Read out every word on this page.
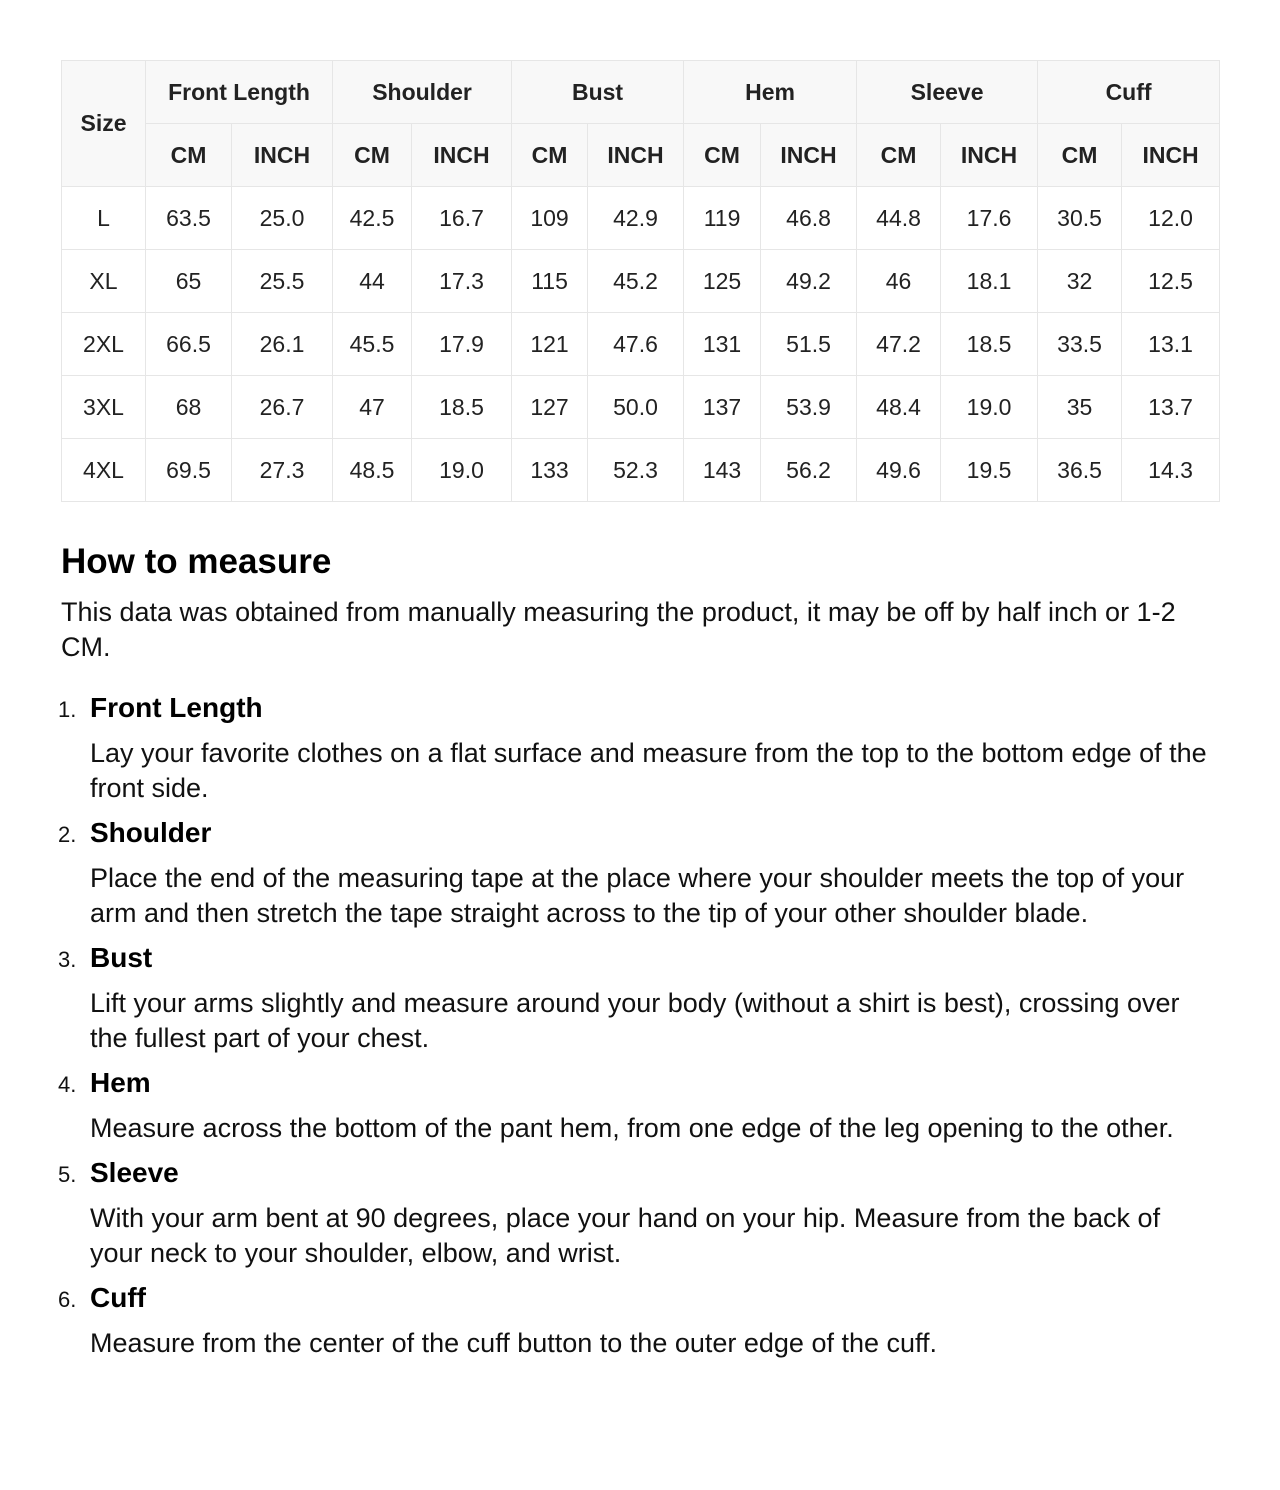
Size	Front Length		Shoulder		Bust		Hem		Sleeve		Cuff	
	CM	INCH	CM	INCH	CM	INCH	CM	INCH	CM	INCH	CM	INCH
L	63.5	25.0	42.5	16.7	109	42.9	119	46.8	44.8	17.6	30.5	12.0
XL	65	25.5	44	17.3	115	45.2	125	49.2	46	18.1	32	12.5
2XL	66.5	26.1	45.5	17.9	121	47.6	131	51.5	47.2	18.5	33.5	13.1
3XL	68	26.7	47	18.5	127	50.0	137	53.9	48.4	19.0	35	13.7
4XL	69.5	27.3	48.5	19.0	133	52.3	143	56.2	49.6	19.5	36.5	14.3
How to measure

This data was obtained from manually measuring the product, it may be off by half inch or 1-2 CM.

1. Front Length
Lay your favorite clothes on a flat surface and measure from the top to the bottom edge of the front side.
2. Shoulder
Place the end of the measuring tape at the place where your shoulder meets the top of your arm and then stretch the tape straight across to the tip of your other shoulder blade.
3. Bust
Lift your arms slightly and measure around your body (without a shirt is best), crossing over the fullest part of your chest.
4. Hem
Measure across the bottom of the pant hem, from one edge of the leg opening to the other.
5. Sleeve
With your arm bent at 90 degrees, place your hand on your hip. Measure from the back of your neck to your shoulder, elbow, and wrist.
6. Cuff
Measure from the center of the cuff button to the outer edge of the cuff.
